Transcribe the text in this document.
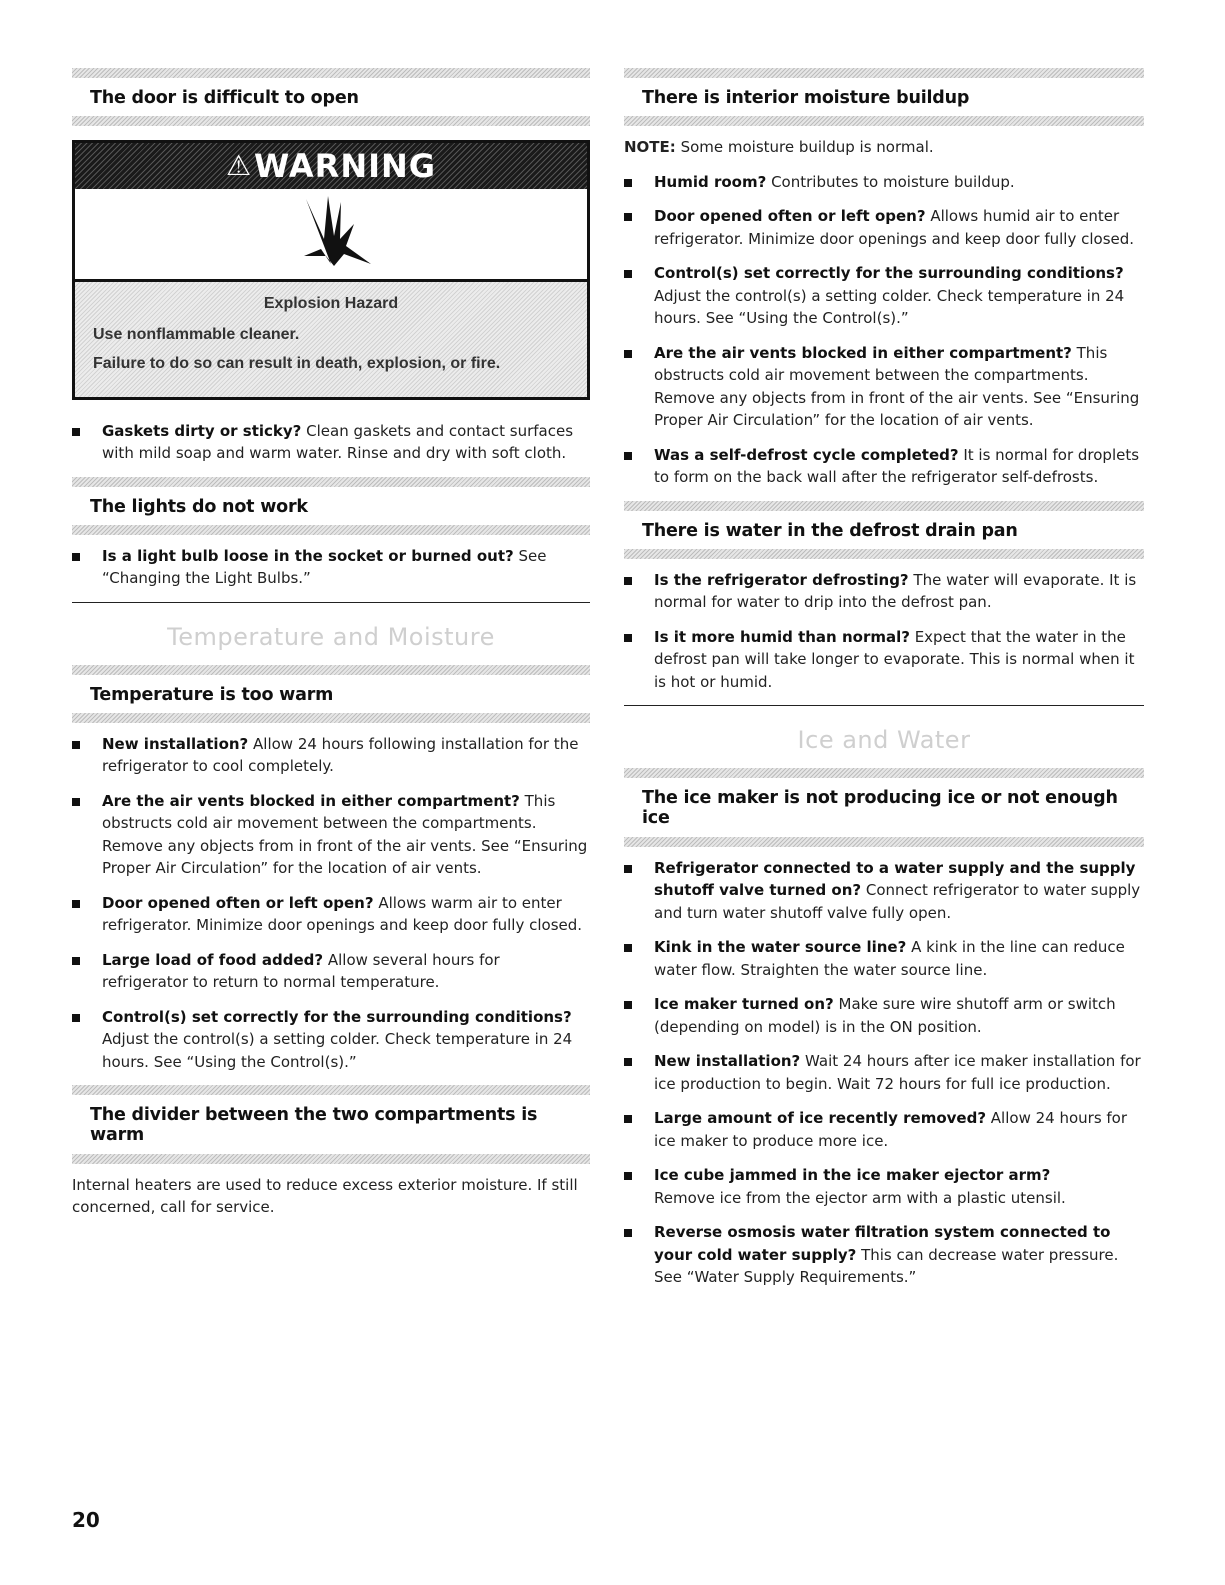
The door is difficult to open
⚠ WARNING
Explosion Hazard
Use nonflammable cleaner.
Failure to do so can result in death, explosion, or fire.
Gaskets dirty or sticky? Clean gaskets and contact surfaces with mild soap and warm water. Rinse and dry with soft cloth.
The lights do not work
Is a light bulb loose in the socket or burned out? See “Changing the Light Bulbs.”
Temperature and Moisture
Temperature is too warm
New installation? Allow 24 hours following installation for the refrigerator to cool completely.
Are the air vents blocked in either compartment? This obstructs cold air movement between the compartments. Remove any objects from in front of the air vents. See “Ensuring Proper Air Circulation” for the location of air vents.
Door opened often or left open? Allows warm air to enter refrigerator. Minimize door openings and keep door fully closed.
Large load of food added? Allow several hours for refrigerator to return to normal temperature.
Control(s) set correctly for the surrounding conditions? Adjust the control(s) a setting colder. Check temperature in 24 hours. See “Using the Control(s).”
The divider between the two compartments is warm

Internal heaters are used to reduce excess exterior moisture. If still concerned, call for service.

There is interior moisture buildup

NOTE: Some moisture buildup is normal.

Humid room? Contributes to moisture buildup.
Door opened often or left open? Allows humid air to enter refrigerator. Minimize door openings and keep door fully closed.
Control(s) set correctly for the surrounding conditions? Adjust the control(s) a setting colder. Check temperature in 24 hours. See “Using the Control(s).”
Are the air vents blocked in either compartment? This obstructs cold air movement between the compartments. Remove any objects from in front of the air vents. See “Ensuring Proper Air Circulation” for the location of air vents.
Was a self-defrost cycle completed? It is normal for droplets to form on the back wall after the refrigerator self-defrosts.
There is water in the defrost drain pan
Is the refrigerator defrosting? The water will evaporate. It is normal for water to drip into the defrost pan.
Is it more humid than normal? Expect that the water in the defrost pan will take longer to evaporate. This is normal when it is hot or humid.
Ice and Water
The ice maker is not producing ice or not enough ice
Refrigerator connected to a water supply and the supply shutoff valve turned on? Connect refrigerator to water supply and turn water shutoff valve fully open.
Kink in the water source line? A kink in the line can reduce water flow. Straighten the water source line.
Ice maker turned on? Make sure wire shutoff arm or switch (depending on model) is in the ON position.
New installation? Wait 24 hours after ice maker installation for ice production to begin. Wait 72 hours for full ice production.
Large amount of ice recently removed? Allow 24 hours for ice maker to produce more ice.
Ice cube jammed in the ice maker ejector arm?
Remove ice from the ejector arm with a plastic utensil.
Reverse osmosis water filtration system connected to your cold water supply? This can decrease water pressure. See “Water Supply Requirements.”
20
